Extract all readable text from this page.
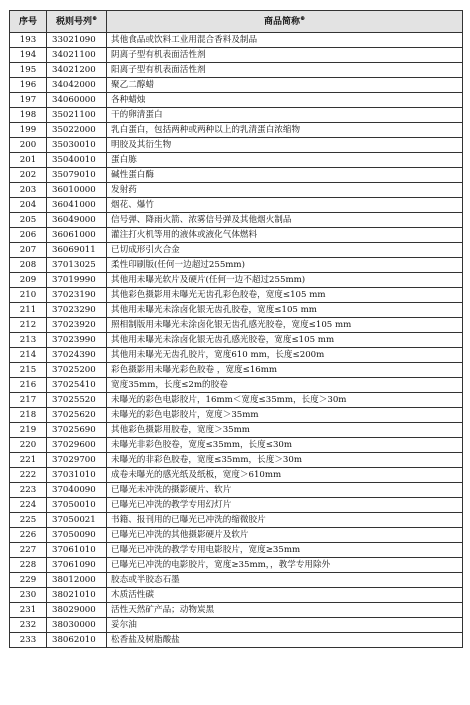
序号	税则号列⊕	商品简称⊕
193	33021090	其他食品或饮料工业用混合香料及制品
194	34021100	阴离子型有机表面活性剂
195	34021200	阳离子型有机表面活性剂
196	34042000	聚乙二醇蜡
197	34060000	各种蜡烛
198	35021100	干的卵清蛋白
199	35022000	乳白蛋白，包括两种或两种以上的乳清蛋白浓缩物
200	35030010	明胶及其衍生物
201	35040010	蛋白胨
202	35079010	碱性蛋白酶
203	36010000	发射药
204	36041000	烟花、爆竹
205	36049000	信号弹、降雨火箭、浓雾信号弹及其他烟火制品
206	36061000	灌注打火机等用的液体或液化气体燃料
207	36069011	已切成形引火合金
208	37013025	柔性印刷版(任何一边超过255mm)
209	37019990	其他用未曝光软片及硬片(任何一边不超过255mm)
210	37023190	其他彩色摄影用未曝光无齿孔彩色胶卷，宽度≤105 mm
211	37023290	其他用未曝光未涂卤化银无齿孔胶卷，宽度≤105 mm
212	37023920	照相制版用未曝光未涂卤化银无齿孔感光胶卷，宽度≤105 mm
213	37023990	其他用未曝光未涂卤化银无齿孔感光胶卷，宽度≤105 mm
214	37024390	其他用未曝光无齿孔胶片，宽度610 mm，长度≤200m
215	37025200	彩色摄影用未曝光彩色胶卷 ，宽度≤16mm
216	37025410	宽度35mm，长度≤2m的胶卷
217	37025520	未曝光的彩色电影胶片，16mm＜宽度≤35mm，长度＞30m
218	37025620	未曝光的彩色电影胶片，宽度＞35mm
219	37025690	其他彩色摄影用胶卷，宽度＞35mm
220	37029600	未曝光非彩色胶卷，宽度≤35mm，长度≤30m
221	37029700	未曝光的非彩色胶卷，宽度≤35mm，长度＞30m
222	37031010	成卷未曝光的感光纸及纸板，宽度＞610mm
223	37040090	已曝光未冲洗的摄影硬片、软片
224	37050010	已曝光已冲洗的教学专用幻灯片
225	37050021	书籍、报刊用的已曝光已冲洗的缩微胶片
226	37050090	已曝光已冲洗的其他摄影硬片及软片
227	37061010	已曝光已冲洗的教学专用电影胶片，宽度≥35mm
228	37061090	已曝光已冲洗的电影胶片，宽度≥35mm，，教学专用除外
229	38012000	胶态或半胶态石墨
230	38021010	木质活性碳
231	38029000	活性天然矿产品；动物炭黑
232	38030000	妥尔油
233	38062010	松香盐及树脂酸盐
